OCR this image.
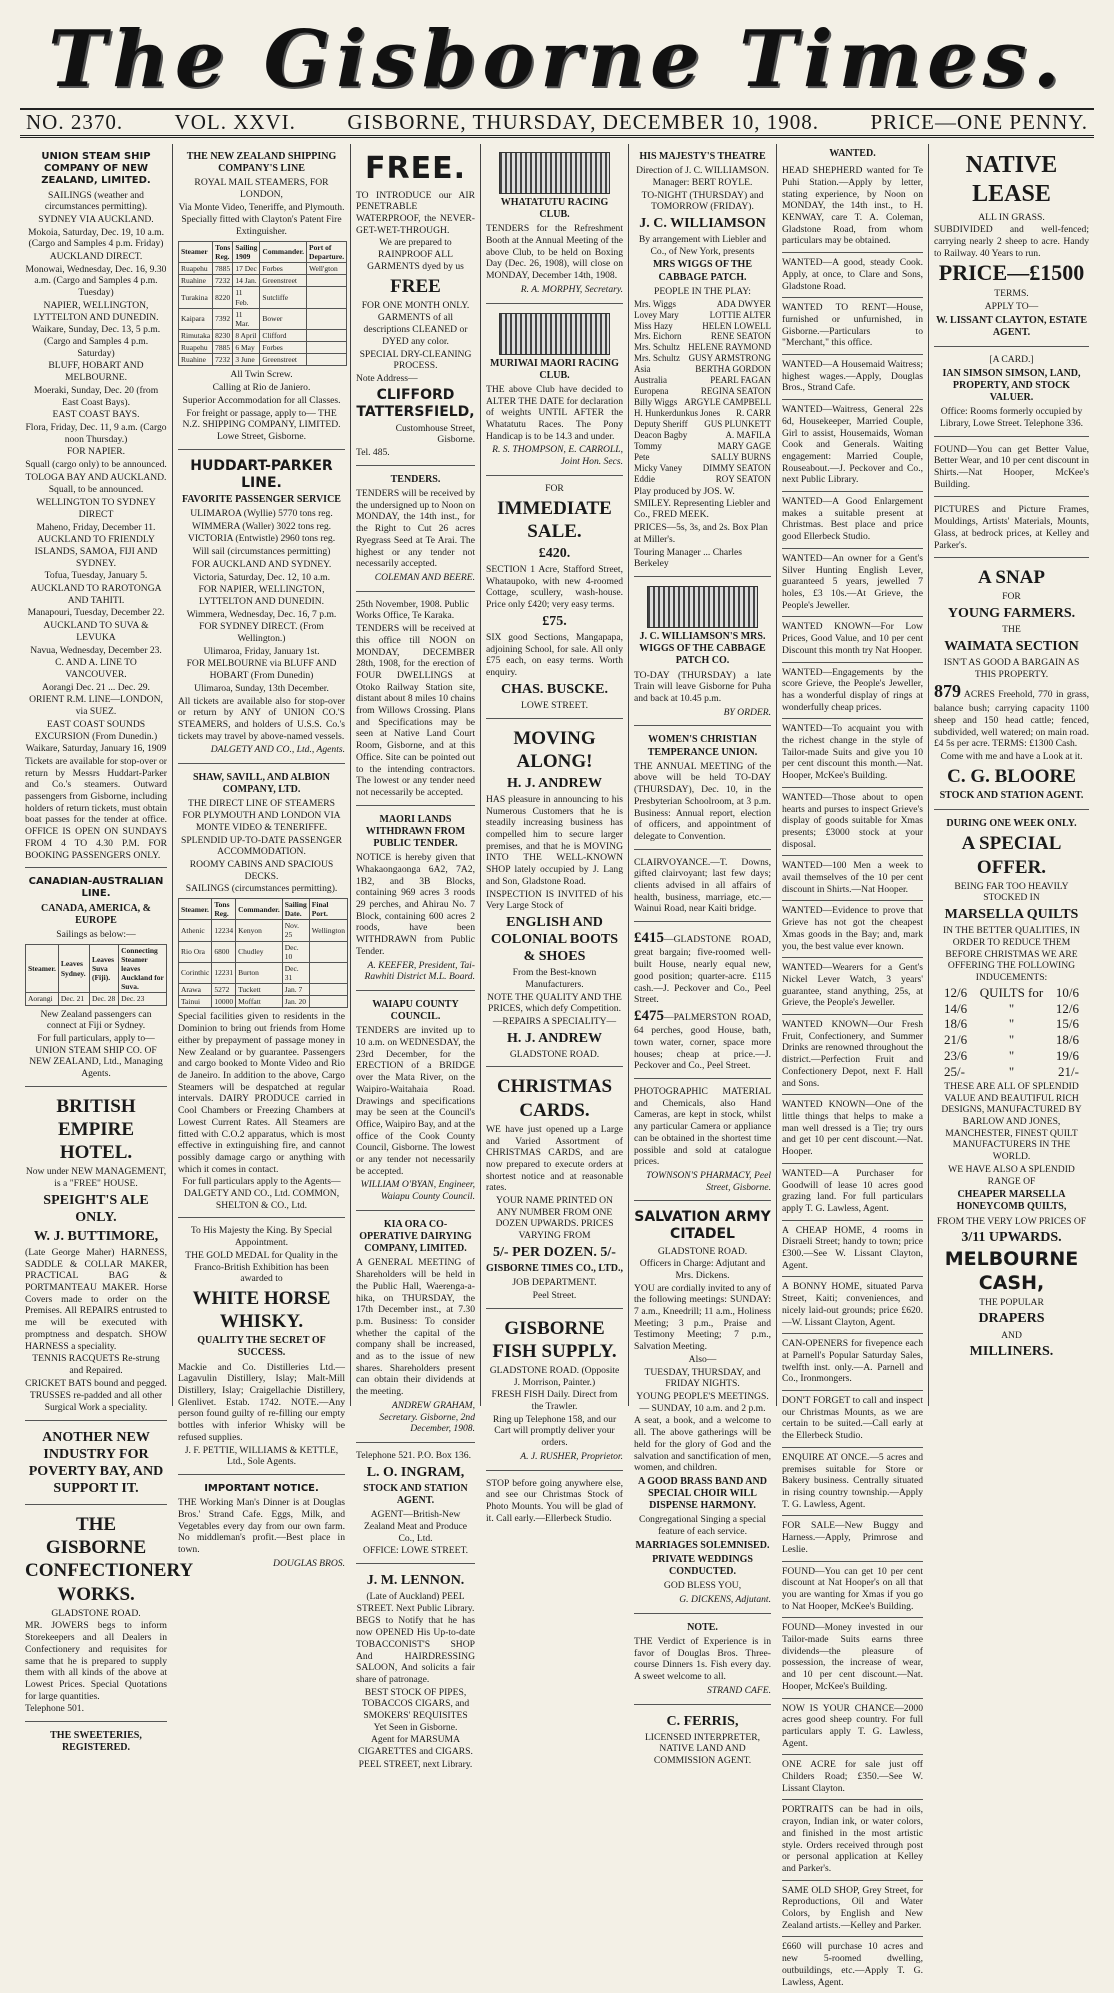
The Gisborne Times.
NO. 2370. VOL. XXVI. GISBORNE, THURSDAY, DECEMBER 10, 1908. PRICE—ONE PENNY.
UNION STEAM SHIP COMPANY OF NEW ZEALAND, LIMITED.
SAILINGS (weather and circumstances permitting).
SYDNEY VIA AUCKLAND.
Mokoia, Saturday, Dec. 19, 10 a.m. (Cargo and Samples 4 p.m. Friday)
AUCKLAND DIRECT.
Monowai, Wednesday, Dec. 16, 9.30 a.m. (Cargo and Samples 4 p.m. Tuesday)
NAPIER, WELLINGTON, LYTTELTON AND DUNEDIN.
Waikare, Sunday, Dec. 13, 5 p.m. (Cargo and Samples 4 p.m. Saturday)
BLUFF, HOBART AND MELBOURNE.
Moeraki, Sunday, Dec. 20 (from East Coast Bays).
EAST COAST BAYS.
Flora, Friday, Dec. 11, 9 a.m. (Cargo noon Thursday.)
FOR NAPIER.
Squall (cargo only) to be announced.
TOLOGA BAY AND AUCKLAND.
Squall, to be announced.
WELLINGTON TO SYDNEY DIRECT
Maheno, Friday, December 11.
AUCKLAND TO FRIENDLY ISLANDS, SAMOA, FIJI AND SYDNEY.
Tofua, Tuesday, January 5.
AUCKLAND TO RAROTONGA AND TAHITI.
Manapouri, Tuesday, December 22.
AUCKLAND TO SUVA & LEVUKA
Navua, Wednesday, December 23.
C. AND A. LINE TO VANCOUVER.
Aorangi Dec. 21 ... Dec. 29.
ORIENT R.M. LINE—LONDON, via SUEZ.
EAST COAST SOUNDS EXCURSION (From Dunedin.)
Waikare, Saturday, January 16, 1909
Tickets are available for stop-over or return by Messrs Huddart-Parker and Co.'s steamers. Outward passengers from Gisborne, including holders of return tickets, must obtain boat passes for the tender at office. OFFICE IS OPEN ON SUNDAYS FROM 4 TO 4.30 P.M. FOR BOOKING PASSENGERS ONLY.
CANADIAN-AUSTRALIAN LINE.
CANADA, AMERICA, & EUROPE
Sailings as below:—
Steamer.	Leaves Sydney.	Leaves Suva (Fiji).	Connecting Steamer leaves Auckland for Suva.
Aorangi	Dec. 21	Dec. 28	Dec. 23
New Zealand passengers can connect at Fiji or Sydney.
For full particulars, apply to— UNION STEAM SHIP CO. OF NEW ZEALAND, Ltd., Managing Agents.
BRITISH EMPIRE HOTEL.
Now under NEW MANAGEMENT, is a "FREE" HOUSE.
SPEIGHT'S ALE ONLY.
W. J. BUTTIMORE,
(Late George Maher) HARNESS, SADDLE & COLLAR MAKER, PRACTICAL BAG & PORTMANTEAU MAKER. Horse Covers made to order on the Premises. All REPAIRS entrusted to me will be executed with promptness and despatch. SHOW HARNESS a speciality.
TENNIS RACQUETS Re-strung and Repaired.
CRICKET BATS bound and pegged.
TRUSSES re-padded and all other Surgical Work a speciality.
ANOTHER NEW INDUSTRY FOR POVERTY BAY, AND SUPPORT IT.
THE GISBORNE CONFECTIONERY WORKS.
GLADSTONE ROAD.
MR. JOWERS begs to inform Storekeepers and all Dealers in Confectionery and requisites for same that he is prepared to supply them with all kinds of the above at Lowest Prices. Special Quotations for large quantities.
Telephone 501.
THE SWEETERIES, REGISTERED.
THE NEW ZEALAND SHIPPING COMPANY'S LINE
ROYAL MAIL STEAMERS, FOR LONDON,
Via Monte Video, Teneriffe, and Plymouth.
Specially fitted with Clayton's Patent Fire Extinguisher.
Steamer	Tons Reg.	Sailing 1909	Commander.	Port of Departure.
Ruapehu	7885	17 Dec	Forbes	Well'gton
Ruahine	7232	14 Jan.	Greenstreet	
Turakina	8220	11 Feb.	Sutcliffe	
Kaipara	7392	11 Mar.	Bower	
Rimutaka	8230	8 April	Clifford	
Ruapehu	7885	6 May	Forbes	
Ruahine	7232	3 June	Greenstreet	
All Twin Screw.
Calling at Rio de Janiero.
Superior Accommodation for all Classes.
For freight or passage, apply to— THE N.Z. SHIPPING COMPANY, LIMITED. Lowe Street, Gisborne.
HUDDART-PARKER LINE.
FAVORITE PASSENGER SERVICE
ULIMAROA (Wyllie) 5770 tons reg.
WIMMERA (Waller) 3022 tons reg.
VICTORIA (Entwistle) 2960 tons reg.
Will sail (circumstances permitting)
FOR AUCKLAND AND SYDNEY.
Victoria, Saturday, Dec. 12, 10 a.m.
FOR NAPIER, WELLINGTON, LYTTELTON AND DUNEDIN.
Wimmera, Wednesday, Dec. 16, 7 p.m.
FOR SYDNEY DIRECT. (From Wellington.)
Ulimaroa, Friday, January 1st.
FOR MELBOURNE via BLUFF AND HOBART (From Dunedin)
Ulimaroa, Sunday, 13th December.
All tickets are available also for stop-over or return by ANY of UNION CO.'S STEAMERS, and holders of U.S.S. Co.'s tickets may travel by above-named vessels.
DALGETY AND CO., Ltd., Agents.
SHAW, SAVILL, AND ALBION COMPANY, LTD.
THE DIRECT LINE OF STEAMERS FOR PLYMOUTH AND LONDON VIA MONTE VIDEO & TENERIFFE.
SPLENDID UP-TO-DATE PASSENGER ACCOMMODATION.
ROOMY CABINS AND SPACIOUS DECKS.
SAILINGS (circumstances permitting).
Steamer.	Tons Reg.	Commander.	Sailing Date.	Final Port.
Athenic	12234	Kenyon	Nov. 25	Wellington
Rio Ora	6800	Chudley	Dec. 10	
Corinthic	12231	Burton	Dec. 31	
Arawa	5272	Tuckett	Jan. 7	
Tainui	10000	Moffatt	Jan. 20	
Special facilities given to residents in the Dominion to bring out friends from Home either by prepayment of passage money in New Zealand or by guarantee. Passengers and cargo booked to Monte Video and Rio de Janeiro. In addition to the above, Cargo Steamers will be despatched at regular intervals. DAIRY PRODUCE carried in Cool Chambers or Freezing Chambers at Lowest Current Rates. All Steamers are fitted with C.O.2 apparatus, which is most effective in extinguishing fire, and cannot possibly damage cargo or anything with which it comes in contact.
For full particulars apply to the Agents— DALGETY AND CO., Ltd. COMMON, SHELTON & CO., Ltd.
To His Majesty the King. By Special Appointment.
THE GOLD MEDAL for Quality in the Franco-British Exhibition has been awarded to
WHITE HORSE WHISKY.
QUALITY THE SECRET OF SUCCESS.
Mackie and Co. Distilleries Ltd.— Lagavulin Distillery, Islay; Malt-Mill Distillery, Islay; Craigellachie Distillery, Glenlivet. Estab. 1742. NOTE.—Any person found guilty of re-filling our empty bottles with inferior Whisky will be refused supplies.
J. F. PETTIE, WILLIAMS & KETTLE, Ltd., Sole Agents.
IMPORTANT NOTICE.
THE Working Man's Dinner is at Douglas Bros.' Strand Cafe. Eggs, Milk, and Vegetables every day from our own farm. No middleman's profit.—Best place in town.
DOUGLAS BROS.
FREE.
TO INTRODUCE our AIR PENETRABLE WATERPROOF, the NEVER-GET-WET-THROUGH.
We are prepared to RAINPROOF ALL GARMENTS dyed by us
FREE
FOR ONE MONTH ONLY.
GARMENTS of all descriptions CLEANED or DYED any color.
SPECIAL DRY-CLEANING PROCESS.
Note Address—
CLIFFORD TATTERSFIELD,
Customhouse Street, Gisborne.
Tel. 485.
TENDERS.
TENDERS will be received by the undersigned up to Noon on MONDAY, the 14th inst., for the Right to Cut 26 acres Ryegrass Seed at Te Arai. The highest or any tender not necessarily accepted.
COLEMAN AND BEERE.
25th November, 1908. Public Works Office, Te Karaka.
TENDERS will be received at this office till NOON on MONDAY, DECEMBER 28th, 1908, for the erection of FOUR DWELLINGS at Otoko Railway Station site, distant about 8 miles 10 chains from Willows Crossing. Plans and Specifications may be seen at Native Land Court Room, Gisborne, and at this Office. Site can be pointed out to the intending contractors. The lowest or any tender need not necessarily be accepted.
MAORI LANDS WITHDRAWN FROM PUBLIC TENDER.
NOTICE is hereby given that Whakaongaonga 6A2, 7A2, 1B2, and 3B Blocks, containing 969 acres 3 roods 29 perches, and Ahirau No. 7 Block, containing 600 acres 2 roods, have been WITHDRAWN from Public Tender.
A. KEEFER, President, Tai-Rawhiti District M.L. Board.
WAIAPU COUNTY COUNCIL.
TENDERS are invited up to 10 a.m. on WEDNESDAY, the 23rd December, for the ERECTION of a BRIDGE over the Mata River, on the Waipiro-Waitahaia Road. Drawings and specifications may be seen at the Council's Office, Waipiro Bay, and at the office of the Cook County Council, Gisborne. The lowest or any tender not necessarily be accepted.
WILLIAM O'BYAN, Engineer, Waiapu County Council.
KIA ORA CO-OPERATIVE DAIRYING COMPANY, LIMITED.
A GENERAL MEETING of Shareholders will be held in the Public Hall, Waerenga-a-hika, on THURSDAY, the 17th December inst., at 7.30 p.m. Business: To consider whether the capital of the company shall be increased, and as to the issue of new shares. Shareholders present can obtain their dividends at the meeting.
ANDREW GRAHAM, Secretary. Gisborne, 2nd December, 1908.
Telephone 521. P.O. Box 136.
L. O. INGRAM,
STOCK AND STATION AGENT.
AGENT—British-New Zealand Meat and Produce Co., Ltd.
OFFICE: LOWE STREET.
J. M. LENNON.
(Late of Auckland) PEEL STREET. Next Public Library.
BEGS to Notify that he has now OPENED His Up-to-date TOBACCONIST'S SHOP And HAIRDRESSING SALOON, And solicits a fair share of patronage.
BEST STOCK OF PIPES, TOBACCOS CIGARS, and SMOKERS' REQUISITES Yet Seen in Gisborne.
Agent for MARSUMA CIGARETTES and CIGARS.
PEEL STREET, next Library.
WHATATUTU RACING CLUB.
TENDERS for the Refreshment Booth at the Annual Meeting of the above Club, to be held on Boxing Day (Dec. 26, 1908), will close on MONDAY, December 14th, 1908.
R. A. MORPHY, Secretary.
MURIWAI MAORI RACING CLUB.
THE above Club have decided to ALTER THE DATE for declaration of weights UNTIL AFTER the Whatatutu Races. The Pony Handicap is to be 14.3 and under.
R. S. THOMPSON, E. CARROLL, Joint Hon. Secs.
FOR
IMMEDIATE SALE.
£420.
SECTION 1 Acre, Stafford Street, Whataupoko, with new 4-roomed Cottage, scullery, wash-house. Price only £420; very easy terms.
£75.
SIX good Sections, Mangapapa, adjoining School, for sale. All only £75 each, on easy terms. Worth enquiry.
CHAS. BUSCKE.
LOWE STREET.
MOVING ALONG!
H. J. ANDREW
HAS pleasure in announcing to his Numerous Customers that he is steadily increasing business has compelled him to secure larger premises, and that he is MOVING INTO THE WELL-KNOWN SHOP lately occupied by J. Lang and Son, Gladstone Road.
INSPECTION IS INVITED of his Very Large Stock of
ENGLISH AND COLONIAL BOOTS & SHOES
From the Best-known Manufacturers.
NOTE THE QUALITY AND THE PRICES, which defy Competition.
—REPAIRS A SPECIALITY—
H. J. ANDREW
GLADSTONE ROAD.
CHRISTMAS CARDS.
WE have just opened up a Large and Varied Assortment of CHRISTMAS CARDS, and are now prepared to execute orders at shortest notice and at reasonable rates.
YOUR NAME PRINTED ON ANY NUMBER FROM ONE DOZEN UPWARDS. PRICES VARYING FROM
5/- PER DOZEN. 5/-
GISBORNE TIMES CO., LTD.,
JOB DEPARTMENT.
Peel Street.
GISBORNE FISH SUPPLY.
GLADSTONE ROAD. (Opposite J. Morrison, Painter.)
FRESH FISH Daily. Direct from the Trawler.
Ring up Telephone 158, and our Cart will promptly deliver your orders.
A. J. RUSHER, Proprietor.
STOP before going anywhere else, and see our Christmas Stock of Photo Mounts. You will be glad of it. Call early.—Ellerbeck Studio.
HIS MAJESTY'S THEATRE
Direction of J. C. WILLIAMSON. Manager: BERT ROYLE.
TO-NIGHT (THURSDAY) and TOMORROW (FRIDAY).
J. C. WILLIAMSON
By arrangement with Liebler and Co., of New York, presents
MRS WIGGS OF THE CABBAGE PATCH.
PEOPLE IN THE PLAY:
Mrs. Wiggs	ADA DWYER
Lovey Mary	LOTTIE ALTER
Miss Hazy	HELEN LOWELL
Mrs. Eichorn	RENE SEATON
Mrs. Schultz HELENE RAYMOND
Mrs. Schultz GUSY ARMSTRONG
Asia	BERTHA GORDON
Australia	PEARL FAGAN
Europena	REGINA SEATON
Billy Wiggs ARGYLE CAMPBELL
H. Hunkerdunkus Jones R. CARR
Deputy Sheriff GUS PLUNKETT
Deacon Bagby	A. MAFILA
Tommy	MARY GAGE
Pete	SALLY BURNS
Micky Vaney DIMMY SEATON
Eddie	ROY SEATON
Play produced by JOS. W. SMILEY. Representing Liebler and Co., FRED MEEK.
PRICES—5s, 3s, and 2s. Box Plan at Miller's.
Touring Manager ... Charles Berkeley
J. C. WILLIAMSON'S MRS. WIGGS OF THE CABBAGE PATCH CO.
TO-DAY (THURSDAY) a late Train will leave Gisborne for Puha and back at 10.45 p.m.
BY ORDER.
WOMEN'S CHRISTIAN TEMPERANCE UNION.
THE ANNUAL MEETING of the above will be held TO-DAY (THURSDAY), Dec. 10, in the Presbyterian Schoolroom, at 3 p.m. Business: Annual report, election of officers, and appointment of delegate to Convention.
CLAIRVOYANCE.—T. Downs, gifted clairvoyant; last few days; clients advised in all affairs of health, business, marriage, etc.—Wainui Road, near Kaiti bridge.
£415—GLADSTONE ROAD, great bargain; five-roomed well-built House, nearly equal new, good position; quarter-acre. £115 cash.—J. Peckover and Co., Peel Street.
£475—PALMERSTON ROAD, 64 perches, good House, bath, town water, corner, space more houses; cheap at price.—J. Peckover and Co., Peel Street.
PHOTOGRAPHIC MATERIAL and Chemicals, also Hand Cameras, are kept in stock, whilst any particular Camera or appliance can be obtained in the shortest time possible and sold at catalogue prices.
TOWNSON'S PHARMACY, Peel Street, Gisborne.
SALVATION ARMY CITADEL
GLADSTONE ROAD.
Officers in Charge: Adjutant and Mrs. Dickens.
YOU are cordially invited to any of the following meetings: SUNDAY: 7 a.m., Kneedrill; 11 a.m., Holiness Meeting; 3 p.m., Praise and Testimony Meeting; 7 p.m., Salvation Meeting.
Also—
TUESDAY, THURSDAY, and FRIDAY NIGHTS.
YOUNG PEOPLE'S MEETINGS.— SUNDAY, 10 a.m. and 2 p.m.
A seat, a book, and a welcome to all. The above gatherings will be held for the glory of God and the salvation and sanctification of men, women, and children.
A GOOD BRASS BAND AND SPECIAL CHOIR WILL DISPENSE HARMONY.
Congregational Singing a special feature of each service.
MARRIAGES SOLEMNISED.
PRIVATE WEDDINGS CONDUCTED.
GOD BLESS YOU,
G. DICKENS, Adjutant.
NOTE.
THE Verdict of Experience is in favor of Douglas Bros. Three-course Dinners 1s. Fish every day. A sweet welcome to all.
STRAND CAFE.
C. FERRIS,
LICENSED INTERPRETER, NATIVE LAND AND COMMISSION AGENT.
WANTED.
HEAD SHEPHERD wanted for Te Puhi Station.—Apply by letter, stating experience, by Noon on MONDAY, the 14th inst., to H. KENWAY, care T. A. Coleman, Gladstone Road, from whom particulars may be obtained.
WANTED—A good, steady Cook. Apply, at once, to Clare and Sons, Gladstone Road.
WANTED TO RENT—House, furnished or unfurnished, in Gisborne.—Particulars to "Merchant," this office.
WANTED—A Housemaid Waitress; highest wages.—Apply, Douglas Bros., Strand Cafe.
WANTED—Waitress, General 22s 6d, Housekeeper, Married Couple, Girl to assist, Housemaids, Woman Cook and Generals. Waiting engagement: Married Couple, Rouseabout.—J. Peckover and Co., next Public Library.
WANTED—A Good Enlargement makes a suitable present at Christmas. Best place and price good Ellerbeck Studio.
WANTED—An owner for a Gent's Silver Hunting English Lever, guaranteed 5 years, jewelled 7 holes, £3 10s.—At Grieve, the People's Jeweller.
WANTED KNOWN—For Low Prices, Good Value, and 10 per cent Discount this month try Nat Hooper.
WANTED—Engagements by the score Grieve, the People's Jeweller, has a wonderful display of rings at wonderfully cheap prices.
WANTED—To acquaint you with the richest change in the style of Tailor-made Suits and give you 10 per cent discount this month.—Nat. Hooper, McKee's Building.
WANTED—Those about to open hearts and purses to inspect Grieve's display of goods suitable for Xmas presents; £3000 stock at your disposal.
WANTED—100 Men a week to avail themselves of the 10 per cent discount in Shirts.—Nat Hooper.
WANTED—Evidence to prove that Grieve has not got the cheapest Xmas goods in the Bay; and, mark you, the best value ever known.
WANTED—Wearers for a Gent's Nickel Lever Watch, 3 years' guarantee, stand anything, 25s, at Grieve, the People's Jeweller.
WANTED KNOWN—Our Fresh Fruit, Confectionery, and Summer Drinks are renowned throughout the district.—Perfection Fruit and Confectionery Depot, next F. Hall and Sons.
WANTED KNOWN—One of the little things that helps to make a man well dressed is a Tie; try ours and get 10 per cent discount.—Nat. Hooper.
WANTED—A Purchaser for Goodwill of lease 10 acres good grazing land. For full particulars apply T. G. Lawless, Agent.
A CHEAP HOME, 4 rooms in Disraeli Street; handy to town; price £300.—See W. Lissant Clayton, Agent.
A BONNY HOME, situated Parva Street, Kaiti; conveniences, and nicely laid-out grounds; price £620.—W. Lissant Clayton, Agent.
CAN-OPENERS for fivepence each at Parnell's Popular Saturday Sales, twelfth inst. only.—A. Parnell and Co., Ironmongers.
DON'T FORGET to call and inspect our Christmas Mounts, as we are certain to be suited.—Call early at the Ellerbeck Studio.
ENQUIRE AT ONCE.—5 acres and premises suitable for Store or Bakery business. Centrally situated in rising country township.—Apply T. G. Lawless, Agent.
FOR SALE—New Buggy and Harness.—Apply, Primrose and Leslie.
FOUND—You can get 10 per cent discount at Nat Hooper's on all that you are wanting for Xmas if you go to Nat Hooper, McKee's Building.
FOUND—Money invested in our Tailor-made Suits earns three dividends—the pleasure of possession, the increase of wear, and 10 per cent discount.—Nat. Hooper, McKee's Building.
NOW IS YOUR CHANCE—2000 acres good sheep country. For full particulars apply T. G. Lawless, Agent.
ONE ACRE for sale just off Childers Road; £350.—See W. Lissant Clayton.
PORTRAITS can be had in oils, crayon, Indian ink, or water colors, and finished in the most artistic style. Orders received through post or personal application at Kelley and Parker's.
SAME OLD SHOP, Grey Street, for Reproductions, Oil and Water Colors, by English and New Zealand artists.—Kelley and Parker.
£660 will purchase 10 acres and new 5-roomed dwelling, outbuildings, etc.—Apply T. G. Lawless, Agent.
NATIVE LEASE
ALL IN GRASS.
SUBDIVIDED and well-fenced; carrying nearly 2 sheep to acre. Handy to Railway. 40 Years to run.
PRICE—£1500
TERMS.
APPLY TO—
W. LISSANT CLAYTON, ESTATE AGENT.
[A CARD.]
IAN SIMSON SIMSON, LAND, PROPERTY, AND STOCK VALUER.
Office: Rooms formerly occupied by Library, Lowe Street. Telephone 336.
FOUND—You can get Better Value, Better Wear, and 10 per cent discount in Shirts.—Nat Hooper, McKee's Building.
PICTURES and Picture Frames, Mouldings, Artists' Materials, Mounts, Glass, at bedrock prices, at Kelley and Parker's.
A SNAP
FOR
YOUNG FARMERS.
THE
WAIMATA SECTION
ISN'T AS GOOD A BARGAIN AS THIS PROPERTY.
879 ACRES Freehold, 770 in grass, balance bush; carrying capacity 1100 sheep and 150 head cattle; fenced, subdivided, well watered; on main road. £4 5s per acre. TERMS: £1300 Cash.
Come with me and have a Look at it.
C. G. BLOORE
STOCK AND STATION AGENT.
DURING ONE WEEK ONLY.
A SPECIAL OFFER.
BEING FAR TOO HEAVILY STOCKED IN
MARSELLA QUILTS
IN THE BETTER QUALITIES, IN ORDER TO REDUCE THEM BEFORE CHRISTMAS WE ARE OFFERING THE FOLLOWING INDUCEMENTS:
12/6 QUILTS for 10/6
14/6	"	12/6
18/6	"	15/6
21/6	"	18/6
23/6	"	19/6
25/-	"	21/-
THESE ARE ALL OF SPLENDID VALUE AND BEAUTIFUL RICH DESIGNS, MANUFACTURED BY BARLOW AND JONES, MANCHESTER, FINEST QUILT MANUFACTURERS IN THE WORLD.
WE HAVE ALSO A SPLENDID RANGE OF
CHEAPER MARSELLA HONEYCOMB QUILTS,
FROM THE VERY LOW PRICES OF
3/11 UPWARDS.
MELBOURNE CASH,
THE POPULAR
DRAPERS
AND
MILLINERS.
